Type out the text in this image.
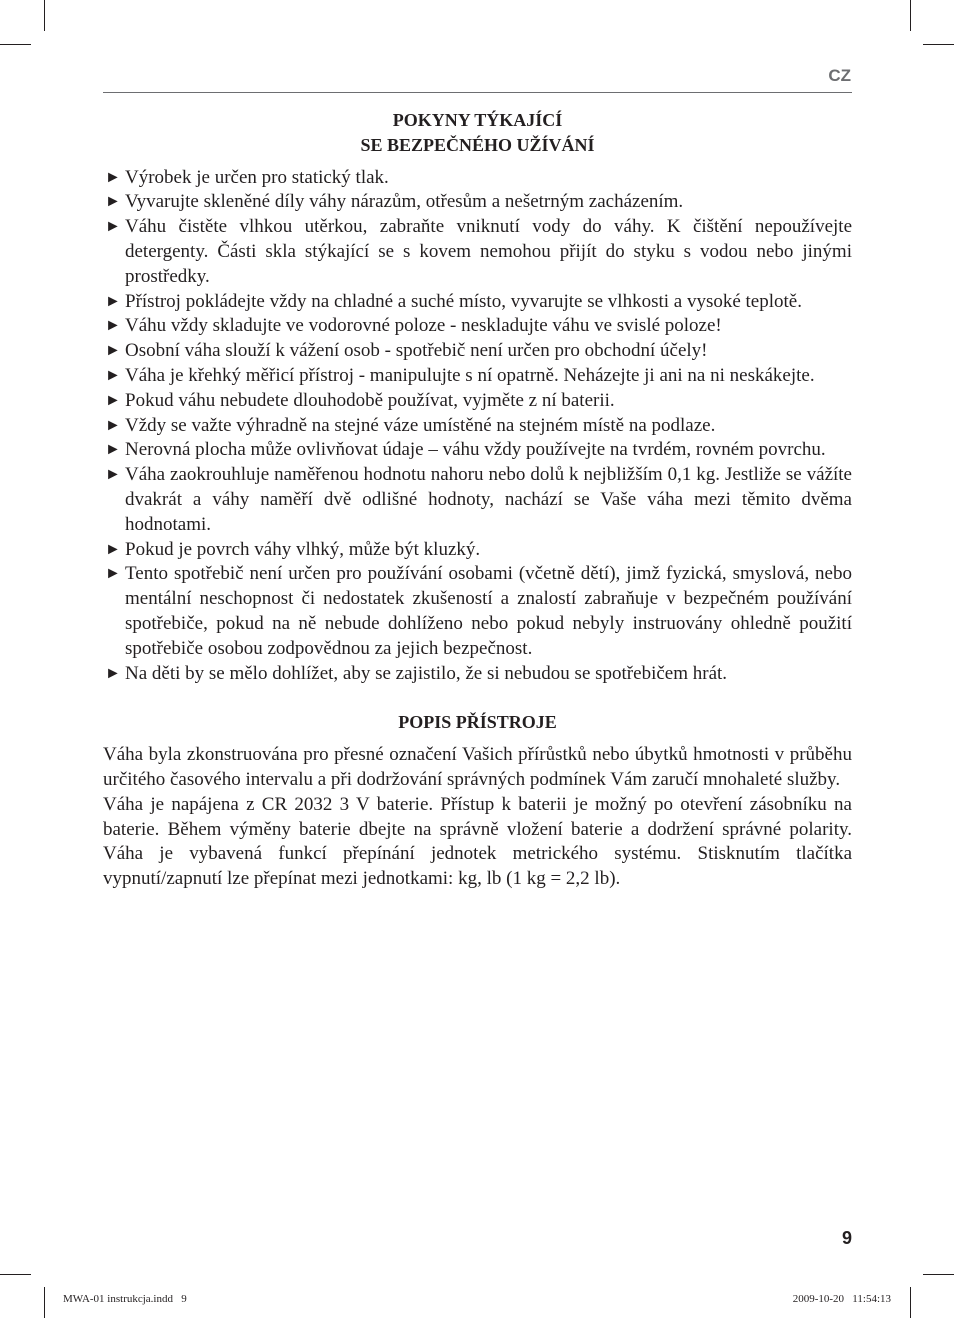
CZ
POKYNY TÝKAJÍCÍ
SE BEZPEČNÉHO UŽÍVÁNÍ
► Výrobek je určen pro statický tlak.
► Vyvarujte skleněné díly váhy nárazům, otřesům a nešetrným zacházením.
► Váhu čistěte vlhkou utěrkou, zabraňte vniknutí vody do váhy. K čištění nepoužívejte detergenty. Části skla stýkající se s kovem nemohou přijít do styku s vodou nebo jinými prostředky.
► Přístroj pokládejte vždy na chladné a suché místo, vyvarujte se vlhkosti a vysoké teplotě.
► Váhu vždy skladujte ve vodorovné poloze - neskladujte váhu ve svislé poloze!
► Osobní váha slouží k vážení osob - spotřebič není určen pro obchodní účely!
► Váha je křehký měřicí přístroj - manipulujte s ní opatrně. Neházejte ji ani na ni neskákejte.
► Pokud váhu nebudete dlouhodobě používat, vyjměte z ní baterii.
► Vždy se važte výhradně na stejné váze umístěné na stejném místě na podlaze.
► Nerovná plocha může ovlivňovat údaje – váhu vždy používejte na tvrdém, rovném povrchu.
► Váha zaokrouhluje naměřenou hodnotu nahoru nebo dolů k nejbližším 0,1 kg. Jestliže se vážíte dvakrát a váhy naměří dvě odlišné hodnoty, nachází se Vaše váha mezi těmito dvěma hodnotami.
► Pokud je povrch váhy vlhký, může být kluzký.
► Tento spotřebič není určen pro používání osobami (včetně dětí), jimž fyzická, smyslová, nebo mentální neschopnost či nedostatek zkušeností a znalostí zabraňuje v bezpečném používání spotřebiče, pokud na ně nebude dohlíženo nebo pokud nebyly instruovány ohledně použití spotřebiče osobou zodpovědnou za jejich bezpečnost.
► Na děti by se mělo dohlížet, aby se zajistilo, že si nebudou se spotřebičem hrát.
POPIS PŘÍSTROJE

Váha byla zkonstruována pro přesné označení Vašich přírůstků nebo úbytků hmotnosti v průběhu určitého časového intervalu a při dodržování správných podmínek Vám zaručí mnohaleté služby.

Váha je napájena z CR 2032 3 V baterie. Přístup k baterii je možný po otevření zásobníku na baterie. Během výměny baterie dbejte na správně vložení baterie a dodržení správné polarity. Váha je vybavená funkcí přepínání jednotek metrického systému. Stisknutím tlačítka vypnutí/zapnutí lze přepínat mezi jednotkami: kg, lb (1 kg = 2,2 lb).

9
MWA-01 instrukcja.indd   9	2009-10-20   11:54:13
